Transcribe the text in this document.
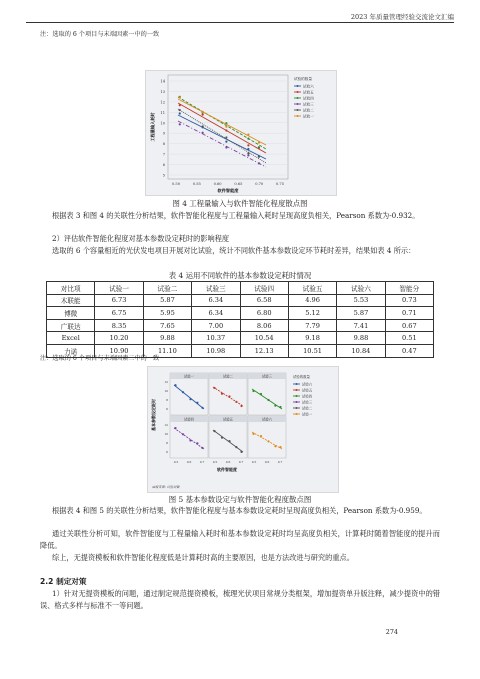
2023 年质量管理经验交流论文汇编
注：选取的 6 个项目与末端因素一中的一致
14
13
12
11
10
9
8
7
6
5
0.50	0.55	0.60	0.65	0.70	0.75
软件智能度
工程量输入耗时
试验的数量
试验六
试验五
试验四
试验三
试验二
试验一
图 4 工程量输入与软件智能化程度散点图
根据表 3 和图 4 的关联性分析结果，软件智能化程度与工程量输入耗时呈现高度负相关，Pearson 系数为-0.932。
2）评估软件智能化程度对基本参数设定耗时的影响程度
选取的 6 个容量相近的光伏发电项目开展对比试验，统计不同软件基本参数设定环节耗时差异，结果如表 4 所示：
表 4 运用不同软件的基本参数设定耗时情况
对比项	试验一	试验二	试验三	试验四	试验五	试验六	智能分
木联能	6.73	5.87	6.34	6.58	4.96	5.53	0.73
博微	6.75	5.95	6.34	6.80	5.12	5.87	0.71
广联达	8.35	7.65	7.00	8.06	7.79	7.41	0.67
Excel	10.20	9.88	10.37	10.54	9.18	9.88	0.51
力诺	10.90	11.10	10.98	12.13	10.51	10.84	0.47
注：选取的 6 个项目与末端因素二中的一致
试验一	试验二	试验三
试验四	试验五	试验六
12
10
8
6
12
10
8
6
0.5	0.6	0.7	0.5	0.6	0.7	0.5	0.6	0.7
软件智能度
基本参数设定耗时
面板变量: 试验对数
试验的数量
试验六
试验五
试验四
试验三
试验二
试验一
图 5 基本参数设定与软件智能化程度散点图
根据表 4 和图 5 的关联性分析结果，软件智能化程度与基本参数设定耗时呈现高度负相关，Pearson 系数为-0.959。
通过关联性分析可知，软件智能度与工程量输入耗时和基本参数设定耗时均呈高度负相关，计算耗时随着智能度的提升而降低。
综上，无提资模板和软件智能化程度低是计算耗时高的主要原因，也是方法改进与研究的重点。
2.2 制定对策
1）针对无提资模板的问题，通过制定规范提资模板，梳理光伏项目常规分类框架，增加提资单升版注释，减少提资中的错误、格式多样与标准不一等问题。
274
